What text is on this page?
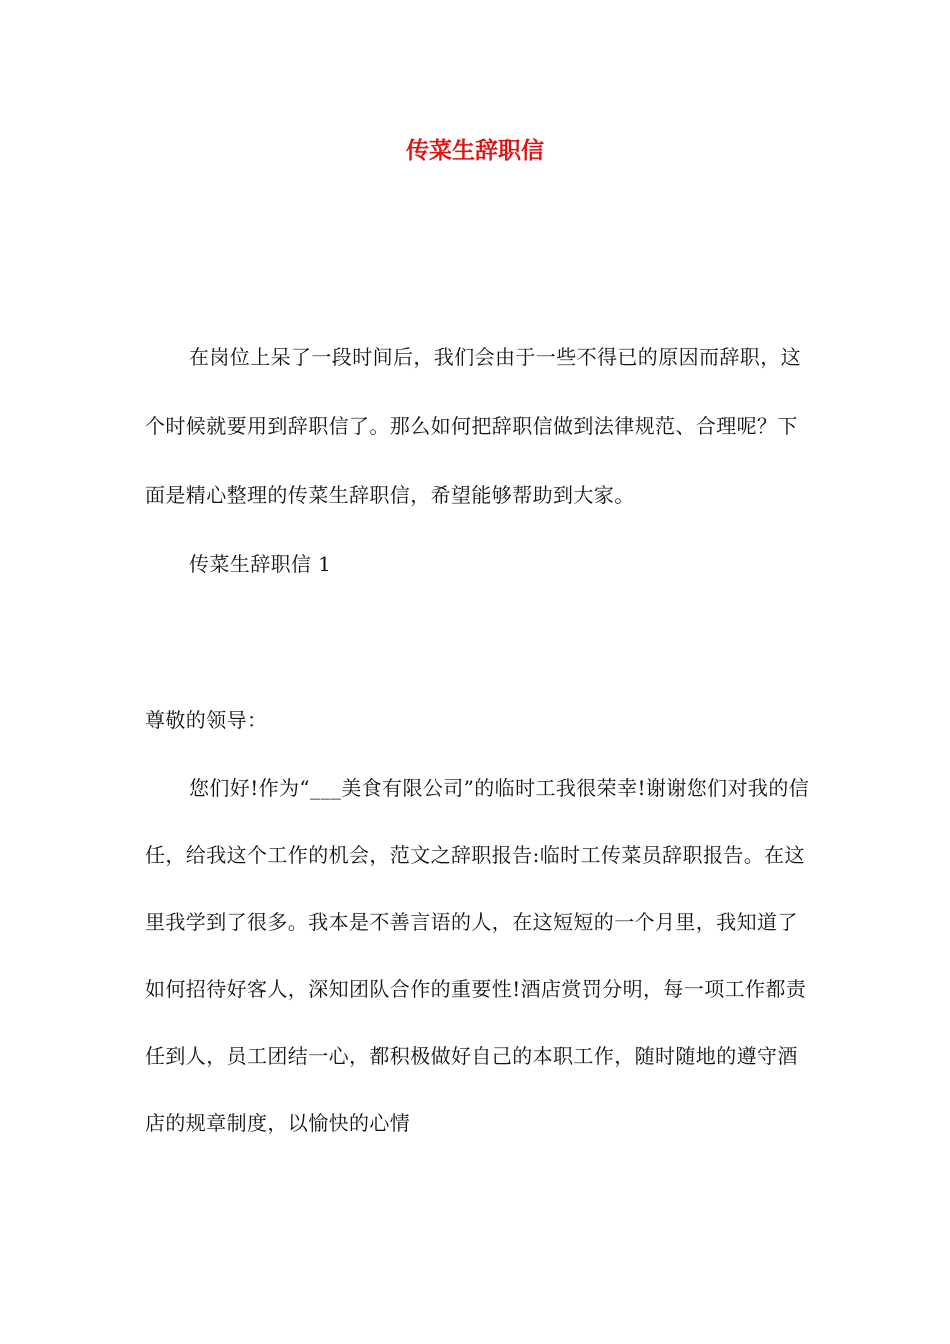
传菜生辞职信

在岗位上呆了一段时间后，我们会由于一些不得已的原因而辞职，这个时候就要用到辞职信了。那么如何把辞职信做到法律规范、合理呢？下面是精心整理的传菜生辞职信，希望能够帮助到大家。

传菜生辞职信 1

尊敬的领导：

您们好!作为“___美食有限公司”的临时工我很荣幸!谢谢您们对我的信任，给我这个工作的机会，范文之辞职报告:临时工传菜员辞职报告。在这里我学到了很多。我本是不善言语的人，在这短短的一个月里，我知道了如何招待好客人，深知团队合作的重要性!酒店赏罚分明，每一项工作都责任到人，员工团结一心，都积极做好自己的本职工作，随时随地的遵守酒店的规章制度，以愉快的心情
